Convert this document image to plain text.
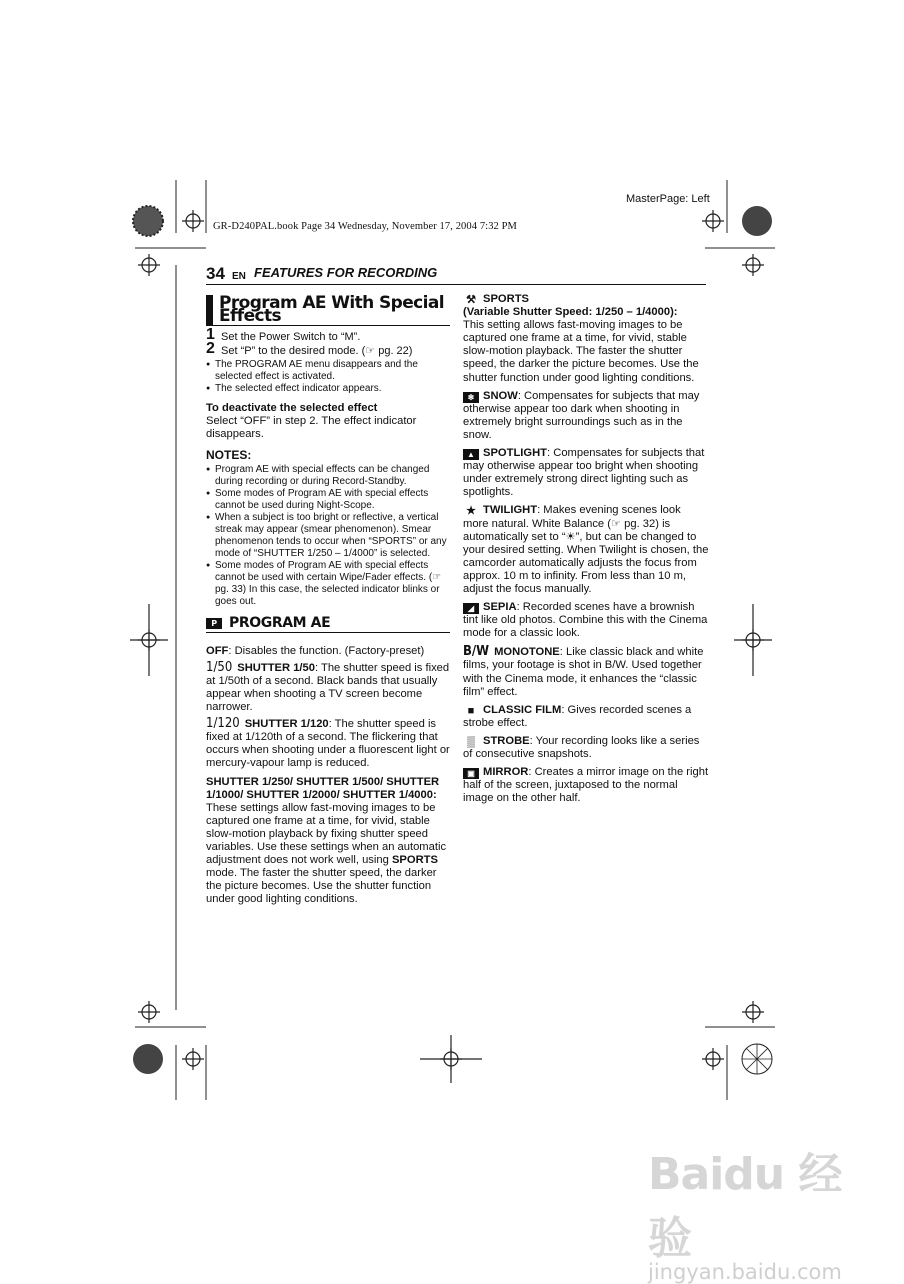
MasterPage: Left
GR-D240PAL.book Page 34 Wednesday, November 17, 2004 7:32 PM
34 EN FEATURES FOR RECORDING
Program AE With Special Effects
1 Set the Power Switch to “M”.
2 Set “P” to the desired mode. (☞ pg. 22)
● The PROGRAM AE menu disappears and the selected effect is activated.
● The selected effect indicator appears.
To deactivate the selected effect
Select “OFF” in step 2. The effect indicator disappears.
NOTES:
● Program AE with special effects can be changed during recording or during Record-Standby.
● Some modes of Program AE with special effects cannot be used during Night-Scope.
● When a subject is too bright or reflective, a vertical streak may appear (smear phenomenon). Smear phenomenon tends to occur when “SPORTS” or any mode of “SHUTTER 1/250 – 1/4000” is selected.
● Some modes of Program AE with special effects cannot be used with certain Wipe/Fader effects. (☞ pg. 33) In this case, the selected indicator blinks or goes out.
P PROGRAM AE
OFF: Disables the function. (Factory-preset)
1/50 SHUTTER 1/50: The shutter speed is fixed at 1/50th of a second. Black bands that usually appear when shooting a TV screen become narrower.
1/120 SHUTTER 1/120: The shutter speed is fixed at 1/120th of a second. The flickering that occurs when shooting under a fluorescent light or mercury-vapour lamp is reduced.
SHUTTER 1/250/ SHUTTER 1/500/ SHUTTER 1/1000/ SHUTTER 1/2000/ SHUTTER 1/4000: These settings allow fast-moving images to be captured one frame at a time, for vivid, stable slow-motion playback by fixing shutter speed variables. Use these settings when an automatic adjustment does not work well, using SPORTS mode. The faster the shutter speed, the darker the picture becomes. Use the shutter function under good lighting conditions.
⚒ SPORTS
(Variable Shutter Speed: 1/250 – 1/4000):
This setting allows fast-moving images to be captured one frame at a time, for vivid, stable slow-motion playback. The faster the shutter speed, the darker the picture becomes. Use the shutter function under good lighting conditions.
❄ SNOW: Compensates for subjects that may otherwise appear too dark when shooting in extremely bright surroundings such as in the snow.
▲ SPOTLIGHT: Compensates for subjects that may otherwise appear too bright when shooting under extremely strong direct lighting such as spotlights.
★ TWILIGHT: Makes evening scenes look more natural. White Balance (☞ pg. 32) is automatically set to “☀”, but can be changed to your desired setting. When Twilight is chosen, the camcorder automatically adjusts the focus from approx. 10 m to infinity. From less than 10 m, adjust the focus manually.
◢ SEPIA: Recorded scenes have a brownish tint like old photos. Combine this with the Cinema mode for a classic look.
B/W MONOTONE: Like classic black and white films, your footage is shot in B/W. Used together with the Cinema mode, it enhances the “classic film” effect.
■ CLASSIC FILM: Gives recorded scenes a strobe effect.
▒ STROBE: Your recording looks like a series of consecutive snapshots.
▣ MIRROR: Creates a mirror image on the right half of the screen, juxtaposed to the normal image on the other half.
Baidu 经验
jingyan.baidu.com
